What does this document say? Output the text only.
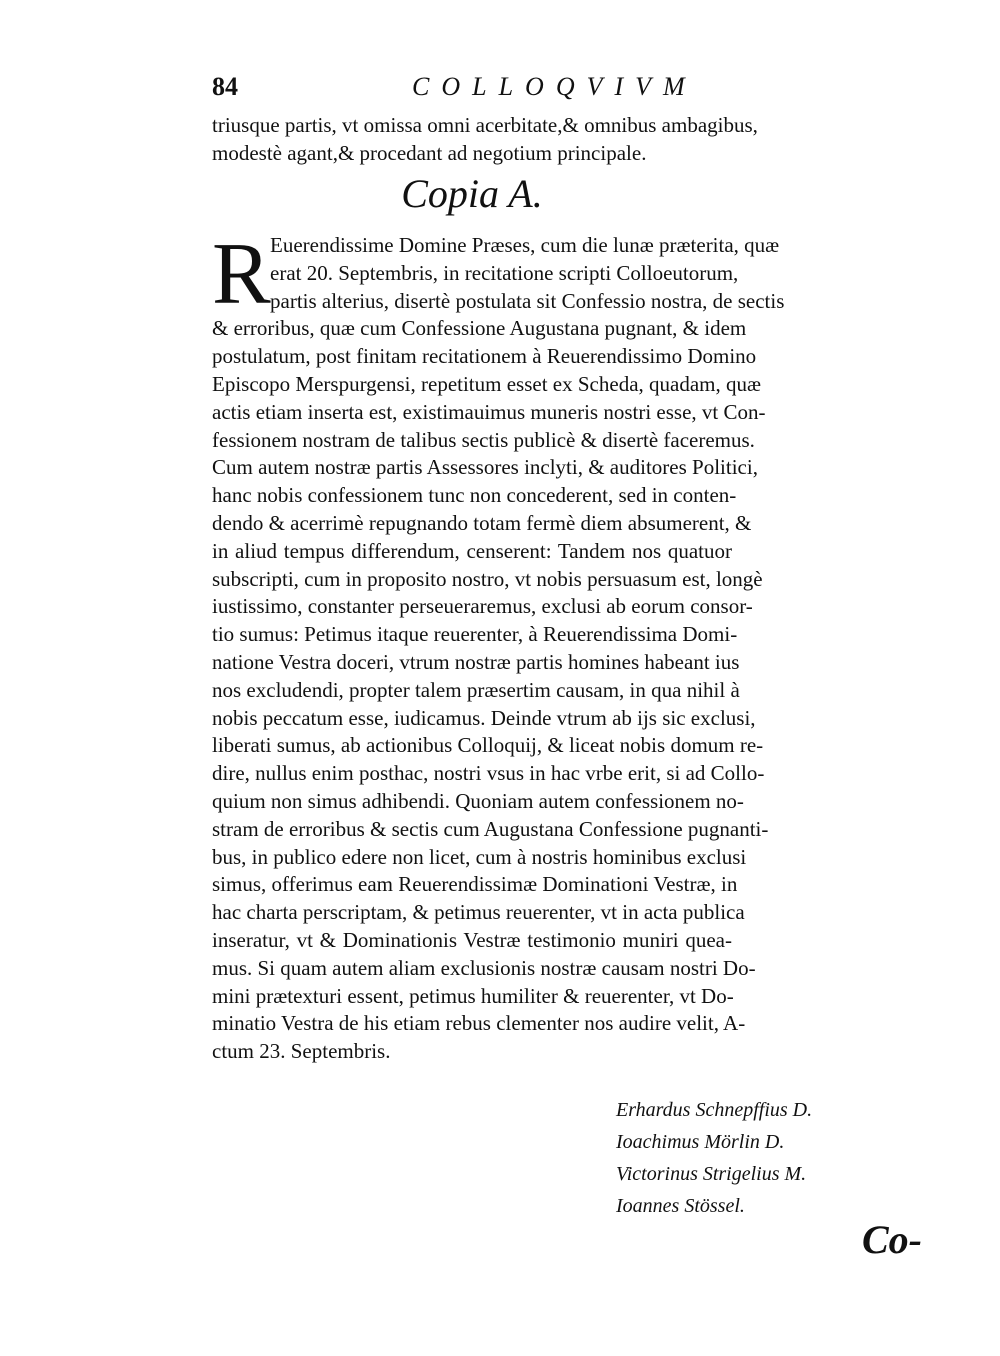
84	COLLOQVIVM
triusque partis, vt omissa omni acerbitate,& omnibus ambagibus,
modestè agant,& procedant ad negotium principale.
Copia A.
R Euerendissime Domine Præses, cum die lunæ præterita, quæ
erat 20. Septembris, in recitatione scripti Colloeutorum,
partis alterius, disertè postulata sit Confessio nostra, de sectis
& erroribus, quæ cum Confessione Augustana pugnant, & idem
postulatum, post finitam recitationem à Reuerendissimo Domino
Episcopo Merspurgensi, repetitum esset ex Scheda, quadam, quæ
actis etiam inserta est, existimauimus muneris nostri esse, vt Con-
fessionem nostram de talibus sectis publicè & disertè faceremus.
Cum autem nostræ partis Assessores inclyti, & auditores Politici,
hanc nobis confessionem tunc non concederent, sed in conten-
dendo & acerrimè repugnando totam fermè diem absumerent, &
in aliud tempus differendum, censerent: Tandem nos quatuor
subscripti, cum in proposito nostro, vt nobis persuasum est, longè
iustissimo, constanter perseueraremus, exclusi ab eorum consor-
tio sumus: Petimus itaque reuerenter, à Reuerendissima Domi-
natione Vestra doceri, vtrum nostræ partis homines habeant ius
nos excludendi, propter talem præsertim causam, in qua nihil à
nobis peccatum esse, iudicamus. Deinde vtrum ab ijs sic exclusi,
liberati sumus, ab actionibus Colloquij, & liceat nobis domum re-
dire, nullus enim posthac, nostri vsus in hac vrbe erit, si ad Collo-
quium non simus adhibendi. Quoniam autem confessionem no-
stram de erroribus & sectis cum Augustana Confessione pugnanti-
bus, in publico edere non licet, cum à nostris hominibus exclusi
simus, offerimus eam Reuerendissimæ Dominationi Vestræ, in
hac charta perscriptam, & petimus reuerenter, vt in acta publica
inseratur, vt & Dominationis Vestræ testimonio muniri quea-
mus. Si quam autem aliam exclusionis nostræ causam nostri Do-
mini prætexturi essent, petimus humiliter & reuerenter, vt Do-
minatio Vestra de his etiam rebus clementer nos audire velit, A-
ctum 23. Septembris.
Erhardus Schnepffius D.
Ioachimus Mörlin D.
Victorinus Strigelius M.
Ioannes Stössel.
Co-
